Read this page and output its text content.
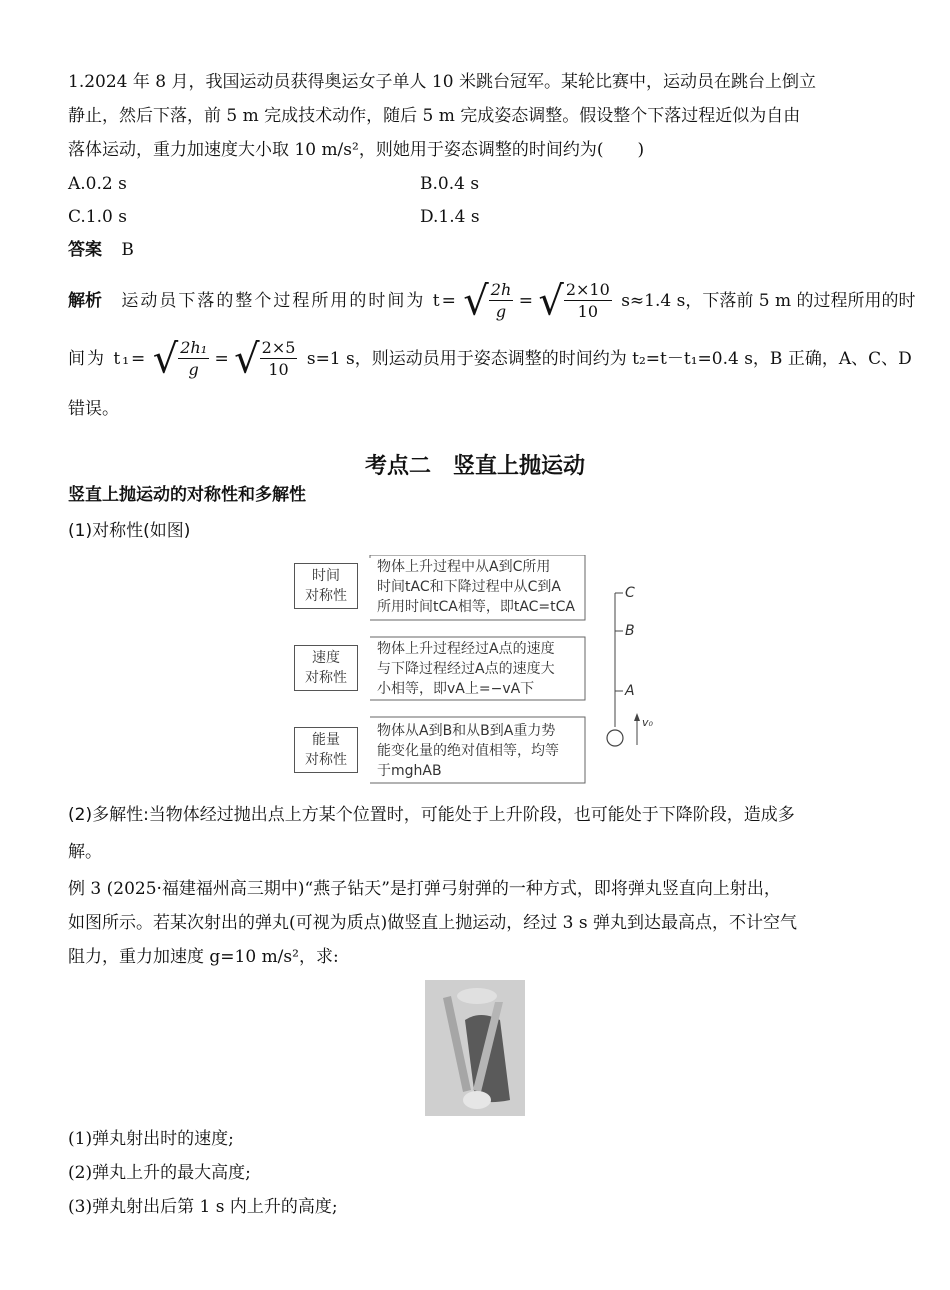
1.2024 年 8 月，我国运动员获得奥运女子单人 10 米跳台冠军。某轮比赛中，运动员在跳台上倒立
静止，然后下落，前 5 m 完成技术动作，随后 5 m 完成姿态调整。假设整个下落过程近似为自由
落体运动，重力加速度大小取 10 m/s²，则她用于姿态调整的时间约为(　　)
A.0.2 s	B.0.4 s
C.1.0 s	D.1.4 s
答案 B
解析 运动员下落的整个过程所用的时间为 t= √ $\frac{2h}{g}$ = √ $\frac{2\times 10}{10} s\approx 1.4$ s，下落前 5 m 的过程所用的时
间为 t₁= √ $\frac{\text{2h₁}}{g}$ = √ $\frac{2\times 5}{10} s=1$ s，则运动员用于姿态调整的时间约为 t₂=t－t₁=0.4 s，B 正确，A、C、D
错误。
考点二　竖直上抛运动
竖直上抛运动的对称性和多解性
(1)对称性(如图)
时间
对称性
速度
对称性
能量
对称性
物体上升过程中从A到C所用
时间tAC和下降过程中从C到A
所用时间tCA相等，即tAC=tCA
物体上升过程经过A点的速度
与下降过程经过A点的速度大
小相等，即vA上=−vA下
物体从A到B和从B到A重力势
能变化量的绝对值相等，均等
于mghAB
C
B
A
v₀
(2)多解性:当物体经过抛出点上方某个位置时，可能处于上升阶段，也可能处于下降阶段，造成多
解。
例 3 (2025·福建福州高三期中)“燕子钻天”是打弹弓射弹的一种方式，即将弹丸竖直向上射出，
如图所示。若某次射出的弹丸(可视为质点)做竖直上抛运动，经过 3 s 弹丸到达最高点，不计空气
阻力，重力加速度 g=10 m/s²，求:
(1)弹丸射出时的速度;
(2)弹丸上升的最大高度;
(3)弹丸射出后第 1 s 内上升的高度;
